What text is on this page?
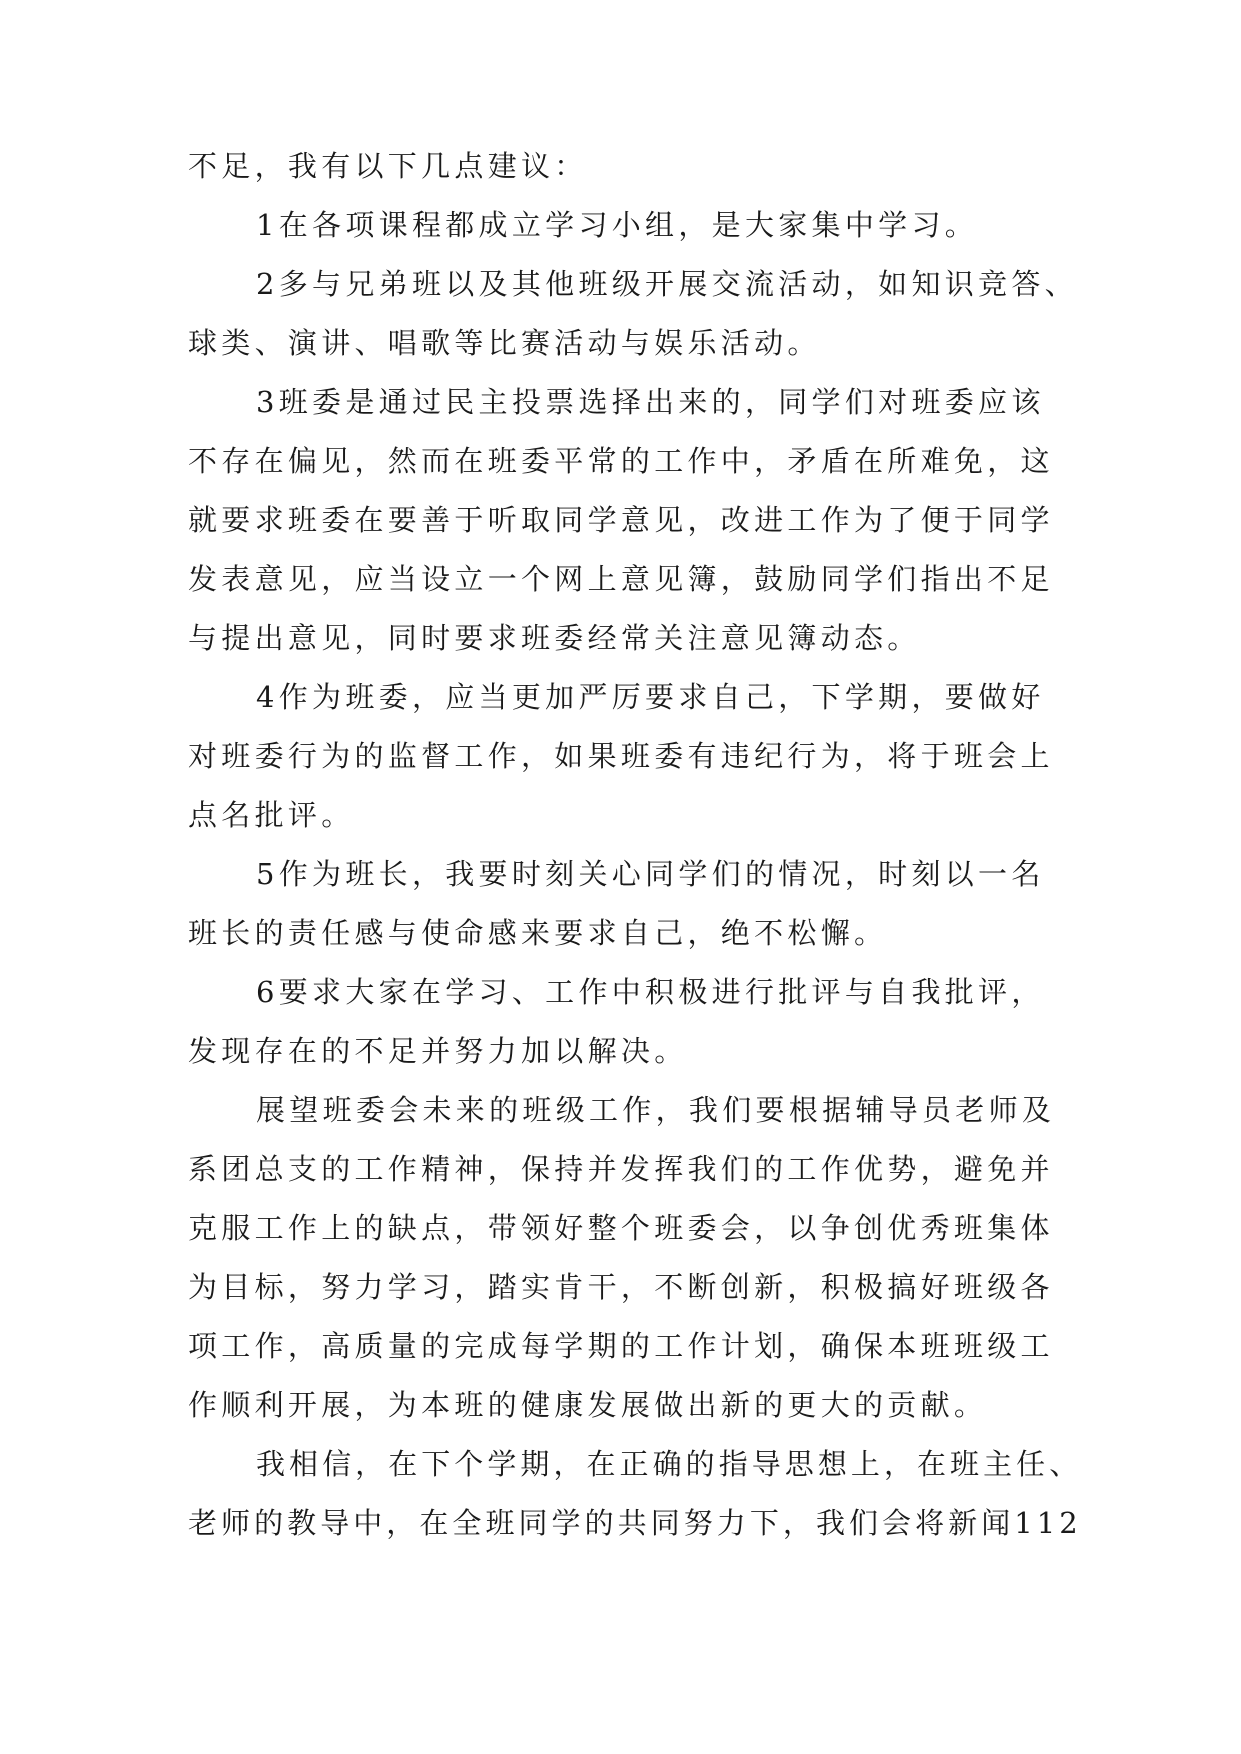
不足，我有以下几点建议：
1在各项课程都成立学习小组，是大家集中学习。
2多与兄弟班以及其他班级开展交流活动，如知识竞答、
球类、演讲、唱歌等比赛活动与娱乐活动。
3班委是通过民主投票选择出来的，同学们对班委应该
不存在偏见，然而在班委平常的工作中，矛盾在所难免，这
就要求班委在要善于听取同学意见，改进工作为了便于同学
发表意见，应当设立一个网上意见簿，鼓励同学们指出不足
与提出意见，同时要求班委经常关注意见簿动态。
4作为班委，应当更加严厉要求自己，下学期，要做好
对班委行为的监督工作，如果班委有违纪行为，将于班会上
点名批评。
5作为班长，我要时刻关心同学们的情况，时刻以一名
班长的责任感与使命感来要求自己，绝不松懈。
6要求大家在学习、工作中积极进行批评与自我批评，
发现存在的不足并努力加以解决。
展望班委会未来的班级工作，我们要根据辅导员老师及
系团总支的工作精神，保持并发挥我们的工作优势，避免并
克服工作上的缺点，带领好整个班委会，以争创优秀班集体
为目标，努力学习，踏实肯干，不断创新，积极搞好班级各
项工作，高质量的完成每学期的工作计划，确保本班班级工
作顺利开展，为本班的健康发展做出新的更大的贡献。
我相信，在下个学期，在正确的指导思想上，在班主任、
老师的教导中，在全班同学的共同努力下，我们会将新闻112
